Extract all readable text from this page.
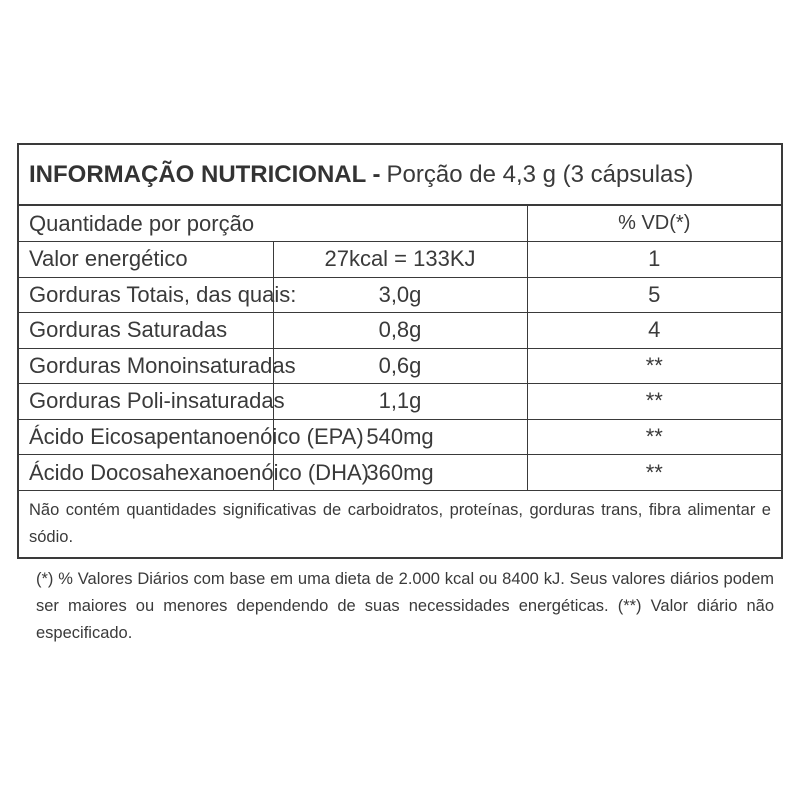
INFORMAÇÃO NUTRICIONAL - Porção de 4,3 g (3 cápsulas)
Quantidade por porção		% VD(*)
Valor energético	27kcal = 133KJ	1
Gorduras Totais, das quais:	3,0g	5
Gorduras Saturadas	0,8g	4
Gorduras Monoinsaturadas	0,6g	**
Gorduras Poli-insaturadas	1,1g	**
Ácido Eicosapentanoenóico (EPA)	540mg	**
Ácido Docosahexanoenóico (DHA)	360mg	**
Não contém quantidades significativas de carboidratos, proteínas, gorduras trans, fibra alimentar e sódio.
(*) % Valores Diários com base em uma dieta de 2.000 kcal ou 8400 kJ. Seus valores diários podem ser maiores ou menores dependendo de suas necessidades energéticas. (**) Valor diário não especificado.
